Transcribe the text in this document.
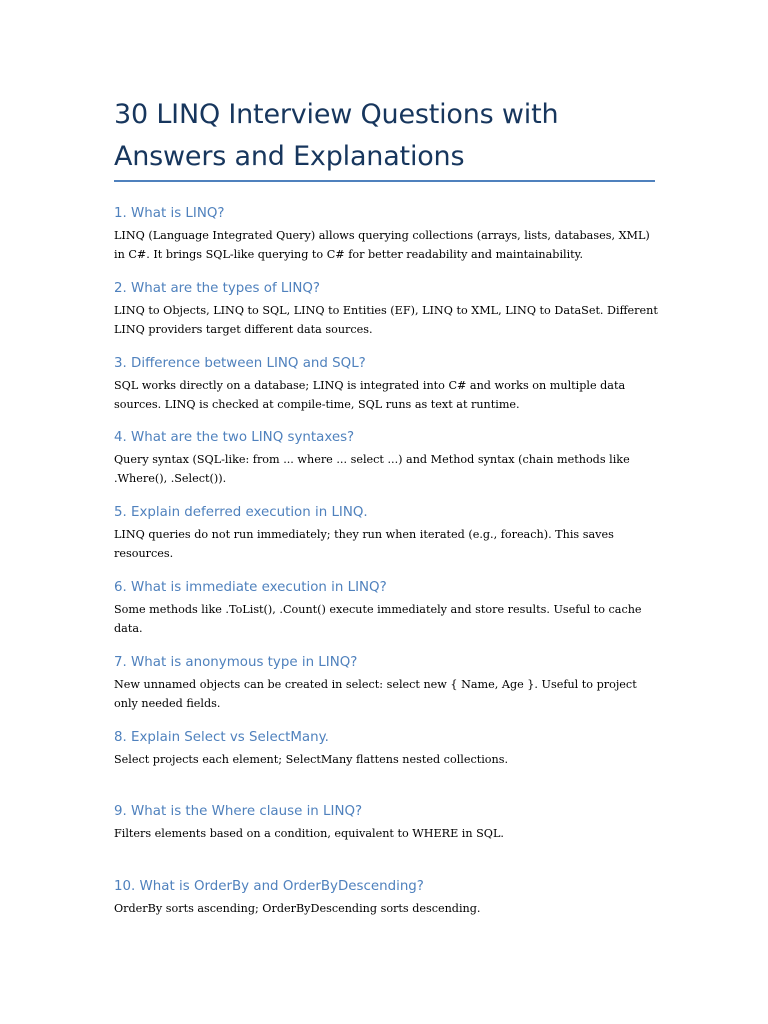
30 LINQ Interview Questions with Answers and Explanations
1. What is LINQ?

LINQ (Language Integrated Query) allows querying collections (arrays, lists, databases, XML) in C#. It brings SQL-like querying to C# for better readability and maintainability.

2. What are the types of LINQ?

LINQ to Objects, LINQ to SQL, LINQ to Entities (EF), LINQ to XML, LINQ to DataSet. Different LINQ providers target different data sources.

3. Difference between LINQ and SQL?

SQL works directly on a database; LINQ is integrated into C# and works on multiple data sources. LINQ is checked at compile-time, SQL runs as text at runtime.

4. What are the two LINQ syntaxes?

Query syntax (SQL-like: from ... where ... select ...) and Method syntax (chain methods like .Where(), .Select()).

5. Explain deferred execution in LINQ.

LINQ queries do not run immediately; they run when iterated (e.g., foreach). This saves resources.

6. What is immediate execution in LINQ?

Some methods like .ToList(), .Count() execute immediately and store results. Useful to cache data.

7. What is anonymous type in LINQ?

New unnamed objects can be created in select: select new { Name, Age }. Useful to project only needed fields.

8. Explain Select vs SelectMany.

Select projects each element; SelectMany flattens nested collections.

9. What is the Where clause in LINQ?

Filters elements based on a condition, equivalent to WHERE in SQL.

10. What is OrderBy and OrderByDescending?

OrderBy sorts ascending; OrderByDescending sorts descending.
